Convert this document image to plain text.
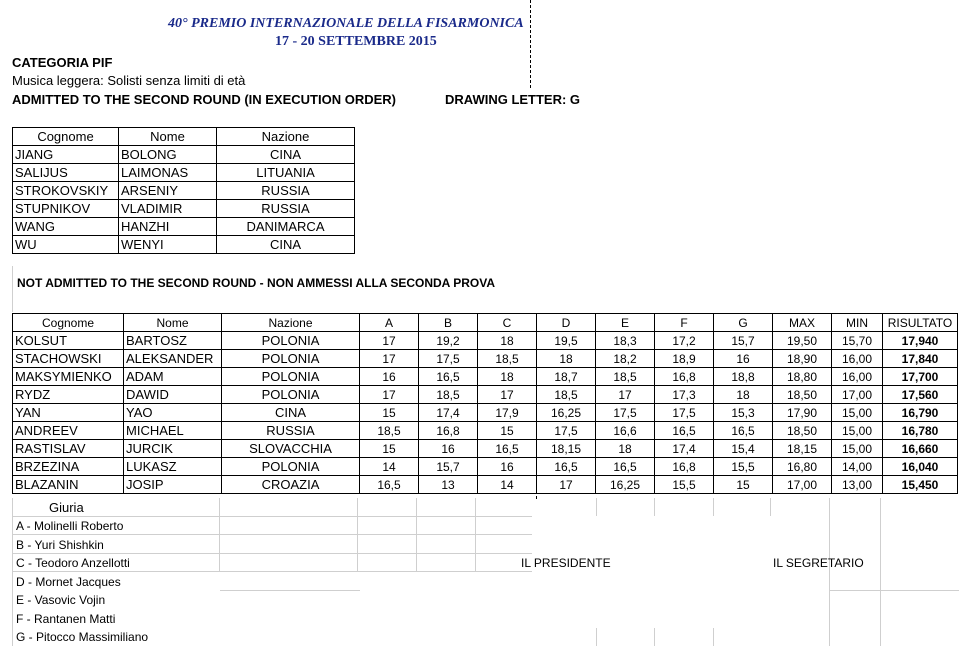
40° PREMIO INTERNAZIONALE DELLA FISARMONICA
17 - 20 SETTEMBRE 2015
CATEGORIA PIF
Musica leggera: Solisti senza limiti di età
ADMITTED TO THE SECOND ROUND (IN EXECUTION ORDER)	DRAWING LETTER: G
Cognome	Nome	Nazione
JIANG	BOLONG	CINA
SALIJUS	LAIMONAS	LITUANIA
STROKOVSKIY	ARSENIY	RUSSIA
STUPNIKOV	VLADIMIR	RUSSIA
WANG	HANZHI	DANIMARCA
WU	WENYI	CINA
NOT ADMITTED TO THE SECOND ROUND - NON AMMESSI ALLA SECONDA PROVA
Cognome	Nome	Nazione	A	B	C	D	E	F	G	MAX	MIN	RISULTATO
KOLSUT	BARTOSZ	POLONIA	17	19,2	18	19,5	18,3	17,2	15,7	19,50	15,70	17,940
STACHOWSKI	ALEKSANDER	POLONIA	17	17,5	18,5	18	18,2	18,9	16	18,90	16,00	17,840
MAKSYMIENKO	ADAM	POLONIA	16	16,5	18	18,7	18,5	16,8	18,8	18,80	16,00	17,700
RYDZ	DAWID	POLONIA	17	18,5	17	18,5	17	17,3	18	18,50	17,00	17,560
YAN	YAO	CINA	15	17,4	17,9	16,25	17,5	17,5	15,3	17,90	15,00	16,790
ANDREEV	MICHAEL	RUSSIA	18,5	16,8	15	17,5	16,6	16,5	16,5	18,50	15,00	16,780
RASTISLAV	JURCIK	SLOVACCHIA	15	16	16,5	18,15	18	17,4	15,4	18,15	15,00	16,660
BRZEZINA	LUKASZ	POLONIA	14	15,7	16	16,5	16,5	16,8	15,5	16,80	14,00	16,040
BLAZANIN	JOSIP	CROAZIA	16,5	13	14	17	16,25	15,5	15	17,00	13,00	15,450
Giuria
A - Molinelli Roberto
B - Yuri Shishkin
C - Teodoro Anzellotti
D - Mornet Jacques
E - Vasovic Vojin
F - Rantanen Matti
G - Pitocco Massimiliano
IL PRESIDENTE	IL SEGRETARIO
